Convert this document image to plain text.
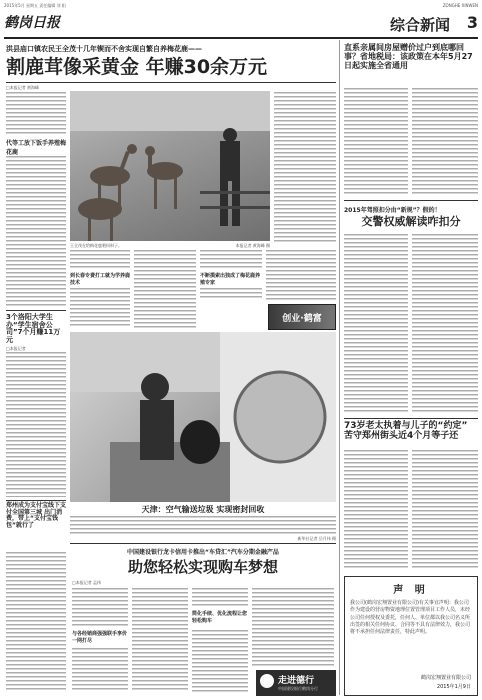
2015年5月 星期五 责任编辑 刘 阳	ZONGHE XINWEN
鹤岗日报	综合新闻 3
洪县庙口镇农民王全茂十几年锲而不舍实现自繁自养梅花鹿——
割鹿茸像采黄金 年赚30余万元
□本报记者 黄海峰
代等工放下饭手养殖梅花鹿
王全茂在给梅花鹿喂饲料子。	本报记者 黄海峰 摄
到长春专费打工就为学养鹿技术
不断摸索出独成了梅花鹿养殖专家
创业·鹤富
3个洛阳大学生办“学生宿舍公司”7个月赚11万元
□本报记者
郑州成为支付宝线下支付全国第三城 出门消费，带上“支付宝钱包”就行了
天津：空气输送垃圾 实现密封回收
新华社记者 岳月伟 摄
中国建设银行龙卡信用卡推出“车贷汇”汽车分期金融产品
助您轻松实现购车梦想
□本报记者 孟伟
与各经销商强强联手享价一网打尽
简化手续、优化流程让您轻松购车
走进德行
中国建设银行鹤岗分行
直系亲属间房屋赠价过户到底哪回事？省地税局：该政策在本年5月27日起实施全省通用
2015年驾照扣分由“新规”？假的！
交警权威解读咋扣分
73岁老太执着与儿子的“约定” 苦守郑州街头近4个月等子还
声 明
我公司(鹤岗宏翔置业有限公司)有关事宜声明：我公司作为建设的营房物资地理位置管理项目工作人员，未经公司任何授权及委托，任何人、单位都以我公司名义所出签的相关任何协议、合同等不具有法律效力，我公司将不承担任何法律责任，特此声明。
鹤岗宏翔置业有限公司
2015年1月9日
